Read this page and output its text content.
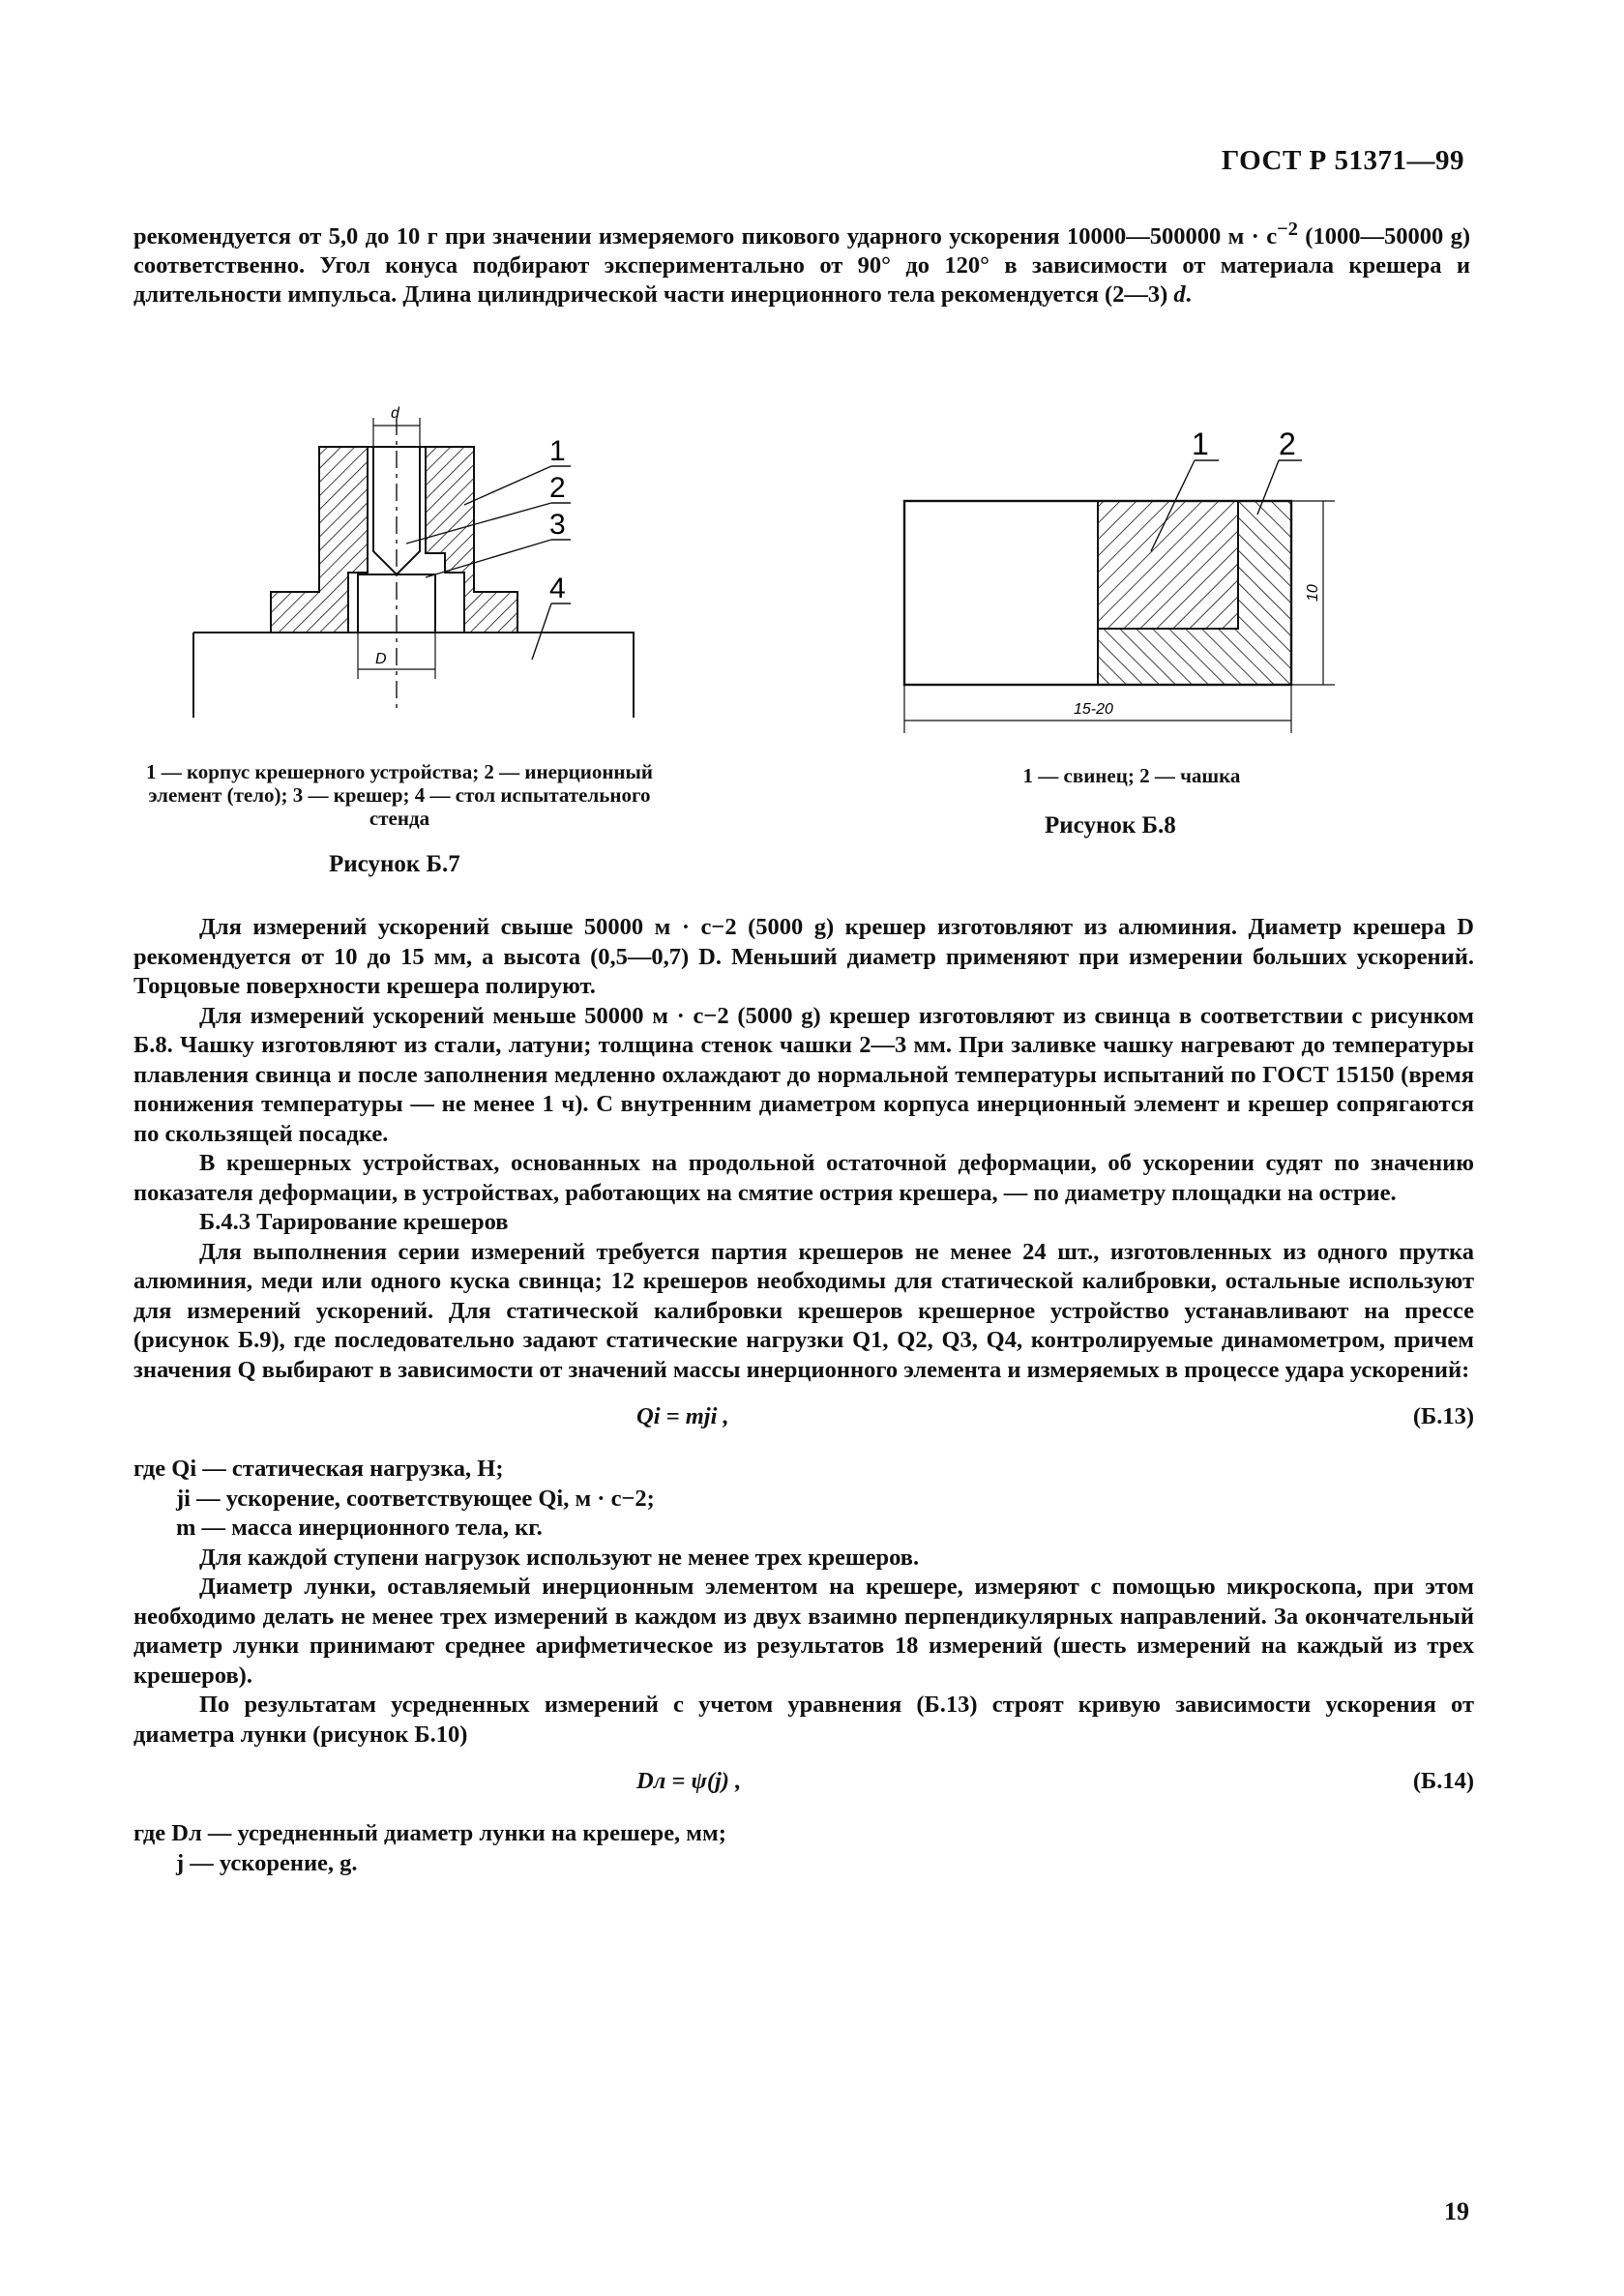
ГОСТ Р 51371—99
рекомендуется от 5,0 до 10 г при значении измеряемого пикового ударного ускорения 10000—500000 $м \cdot с^{-2}$ (1000—50000 g) соответственно. Угол конуса подбирают экспериментально от 90° до 120° в зависимости от материала крешера и длительности импульса. Длина цилиндрической части инерционного тела рекомендуется (2—3) d.
d
D
1
2
3
4
1 — корпус крешерного устройства; 2 — инерционный элемент (тело); 3 — крешер; 4 — стол испытательного стенда
Рисунок Б.7
10
15-20
1 2
1 — свинец; 2 — чашка
Рисунок Б.8

Для измерений ускорений свыше 50000 м · с−2 (5000 g) крешер изготовляют из алюминия. Диаметр крешера D рекомендуется от 10 до 15 мм, а высота (0,5—0,7) D. Меньший диаметр применяют при измерении больших ускорений. Торцовые поверхности крешера полируют.

Для измерений ускорений меньше 50000 м · с−2 (5000 g) крешер изготовляют из свинца в соответствии с рисунком Б.8. Чашку изготовляют из стали, латуни; толщина стенок чашки 2—3 мм. При заливке чашку нагревают до температуры плавления свинца и после заполнения медленно охлаждают до нормальной температуры испытаний по ГОСТ 15150 (время понижения температуры — не менее 1 ч). С внутренним диаметром корпуса инерционный элемент и крешер сопрягаются по скользящей посадке.

В крешерных устройствах, основанных на продольной остаточной деформации, об ускорении судят по значению показателя деформации, в устройствах, работающих на смятие острия крешера, — по диаметру площадки на острие.

Б.4.3 Тарирование крешеров

Для выполнения серии измерений требуется партия крешеров не менее 24 шт., изготовленных из одного прутка алюминия, меди или одного куска свинца; 12 крешеров необходимы для статической калибровки, остальные используют для измерений ускорений. Для статической калибровки крешеров крешерное устройство устанавливают на прессе (рисунок Б.9), где последовательно задают статические нагрузки Q1, Q2, Q3, Q4, контролируемые динамометром, причем значения Q выбирают в зависимости от значений массы инерционного элемента и измеряемых в процессе удара ускорений:

Qi = mji ,	(Б.13)
где Qi — статическая нагрузка, Н;
ji — ускорение, соответствующее Qi, м · с−2;
m — масса инерционного тела, кг.

Для каждой ступени нагрузок используют не менее трех крешеров.

Диаметр лунки, оставляемый инерционным элементом на крешере, измеряют с помощью микроскопа, при этом необходимо делать не менее трех измерений в каждом из двух взаимно перпендикулярных направлений. За окончательный диаметр лунки принимают среднее арифметическое из результатов 18 измерений (шесть измерений на каждый из трех крешеров).

По результатам усредненных измерений с учетом уравнения (Б.13) строят кривую зависимости ускорения от диаметра лунки (рисунок Б.10)

Dл = ψ(j) ,	(Б.14)
где Dл — усредненный диаметр лунки на крешере, мм;
j — ускорение, g.
19
